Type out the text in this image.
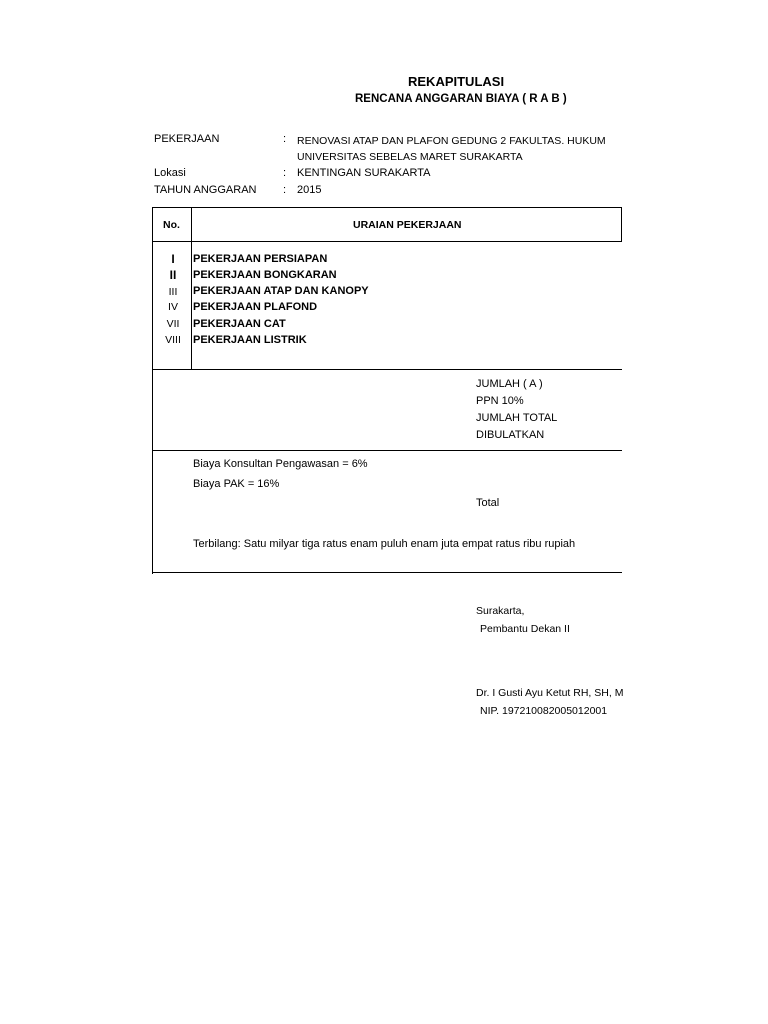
REKAPITULASI
RENCANA ANGGARAN BIAYA ( R A B )
PEKERJAAN	: RENOVASI ATAP DAN PLAFON GEDUNG 2 FAKULTAS. HUKUM
UNIVERSITAS SEBELAS MARET SURAKARTA
Lokasi	: KENTINGAN SURAKARTA
TAHUN ANGGARAN : 2015
No.	URAIAN PEKERJAAN
I	PEKERJAAN PERSIAPAN
II	PEKERJAAN BONGKARAN
III	PEKERJAAN ATAP DAN KANOPY
IV	PEKERJAAN PLAFOND
VII	PEKERJAAN CAT
VIII	PEKERJAAN LISTRIK
JUMLAH ( A )
PPN 10%
JUMLAH TOTAL
DIBULATKAN
Biaya Konsultan Pengawasan = 6%
Biaya PAK = 16%
Total
Terbilang: Satu milyar tiga ratus enam puluh enam juta empat ratus ribu rupiah
Surakarta,
Pembantu Dekan II
Dr. I Gusti Ayu Ketut RH, SH, M
NIP. 197210082005012001
